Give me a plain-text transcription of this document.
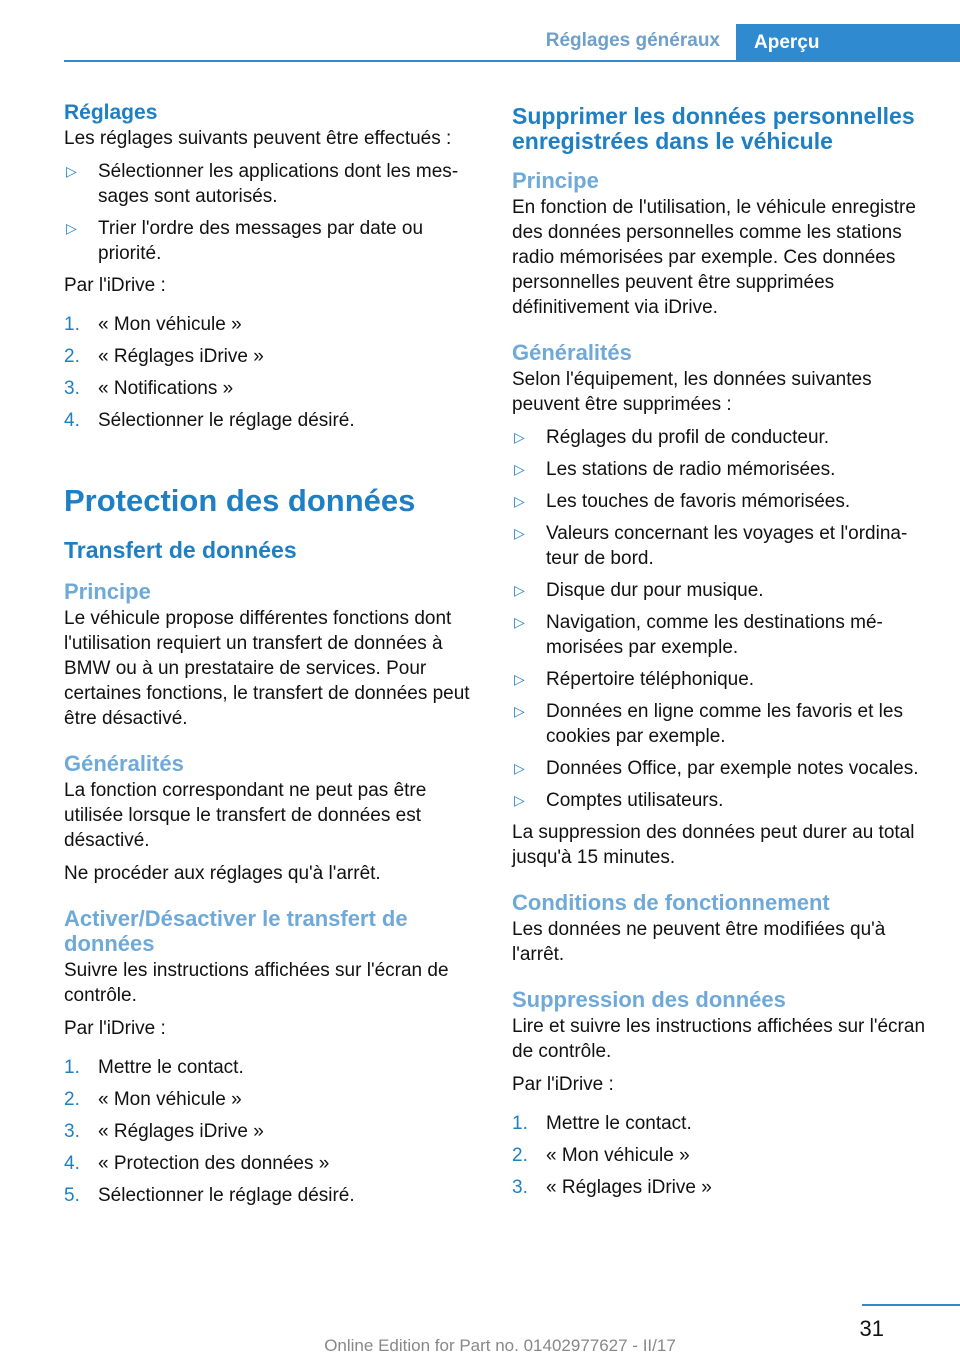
Réglages généraux	Aperçu
Réglages

Les réglages suivants peuvent être effectués :

▷ Sélectionner les applications dont les messages sont autorisés.
▷ Trier l'ordre des messages par date ou priorité.

Par l'iDrive :

1. « Mon véhicule »
2. « Réglages iDrive »
3. « Notifications »
4. Sélectionner le réglage désiré.
Protection des données
Transfert de données
Principe

Le véhicule propose différentes fonctions dont l'utilisation requiert un transfert de données à BMW ou à un prestataire de services. Pour certaines fonctions, le transfert de données peut être désactivé.

Généralités

La fonction correspondant ne peut pas être utilisée lorsque le transfert de données est désactivé.

Ne procéder aux réglages qu'à l'arrêt.

Activer/Désactiver le transfert de données

Suivre les instructions affichées sur l'écran de contrôle.

Par l'iDrive :

1. Mettre le contact.
2. « Mon véhicule »
3. « Réglages iDrive »
4. « Protection des données »
5. Sélectionner le réglage désiré.
Supprimer les données personnelles enregistrées dans le véhicule
Principe

En fonction de l'utilisation, le véhicule enregistre des données personnelles comme les stations radio mémorisées par exemple. Ces données personnelles peuvent être supprimées définitivement via iDrive.

Généralités

Selon l'équipement, les données suivantes peuvent être supprimées :

▷ Réglages du profil de conducteur.
▷ Les stations de radio mémorisées.
▷ Les touches de favoris mémorisées.
▷ Valeurs concernant les voyages et l'ordinateur de bord.
▷ Disque dur pour musique.
▷ Navigation, comme les destinations mémorisées par exemple.
▷ Répertoire téléphonique.
▷ Données en ligne comme les favoris et les cookies par exemple.
▷ Données Office, par exemple notes vocales.
▷ Comptes utilisateurs.

La suppression des données peut durer au total jusqu'à 15 minutes.

Conditions de fonctionnement

Les données ne peuvent être modifiées qu'à l'arrêt.

Suppression des données

Lire et suivre les instructions affichées sur l'écran de contrôle.

Par l'iDrive :

1. Mettre le contact.
2. « Mon véhicule »
3. « Réglages iDrive »
31
Online Edition for Part no. 01402977627 - II/17
